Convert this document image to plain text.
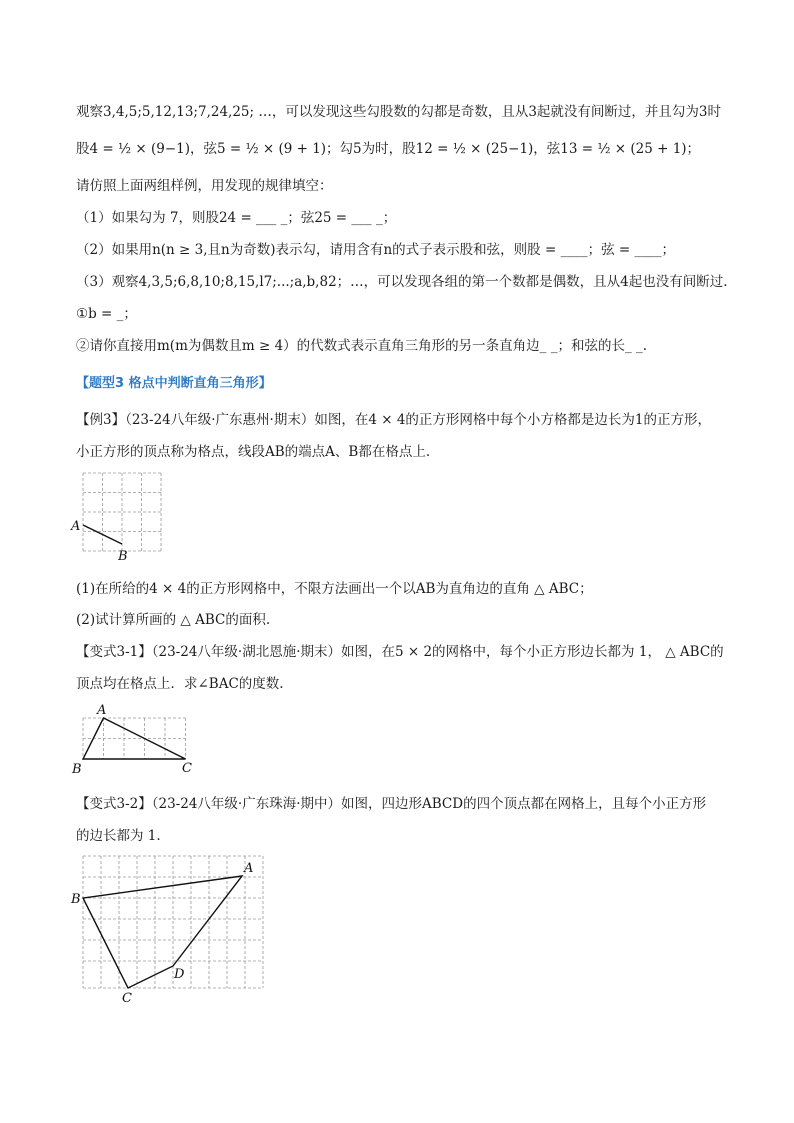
观察3,4,5;5,12,13;7,24,25; …，可以发现这些勾股数的勾都是奇数，且从3起就没有间断过，并且勾为3时
股4 = ½ × (9−1)，弦5 = ½ × (9 + 1)；勾5为时，股12 = ½ × (25−1)，弦13 = ½ × (25 + 1)；
请仿照上面两组样例，用发现的规律填空：
（1）如果勾为 7，则股24 = ___ _；弦25 = ___ _；
（2）如果用n(n ≥ 3,且n为奇数)表示勾，请用含有n的式子表示股和弦，则股 = ____；弦 = ____；
（3）观察4,3,5;6,8,10;8,15,l7;...;a,b,82；…，可以发现各组的第一个数都是偶数，且从4起也没有间断过.
①b = _；
②请你直接用m(m为偶数且m ≥ 4）的代数式表示直角三角形的另一条直角边_ _；和弦的长_ _.
【题型3 格点中判断直角三角形】
【例3】（23-24八年级·广东惠州·期末）如图，在4 × 4的正方形网格中每个小方格都是边长为1的正方形，
小正方形的顶点称为格点，线段AB的端点A、B都在格点上.
A
B
(1)在所给的4 × 4的正方形网格中，不限方法画出一个以AB为直角边的直角 △ ABC；
(2)试计算所画的 △ ABC的面积.
【变式3-1】（23-24八年级·湖北恩施·期末）如图，在5 × 2的网格中，每个小正方形边长都为 1， △ ABC的
顶点均在格点上．求∠BAC的度数.
A
B	C
【变式3-2】（23-24八年级·广东珠海·期中）如图，四边形ABCD的四个顶点都在网格上，且每个小正方形
的边长都为 1.
A
B
C
D
